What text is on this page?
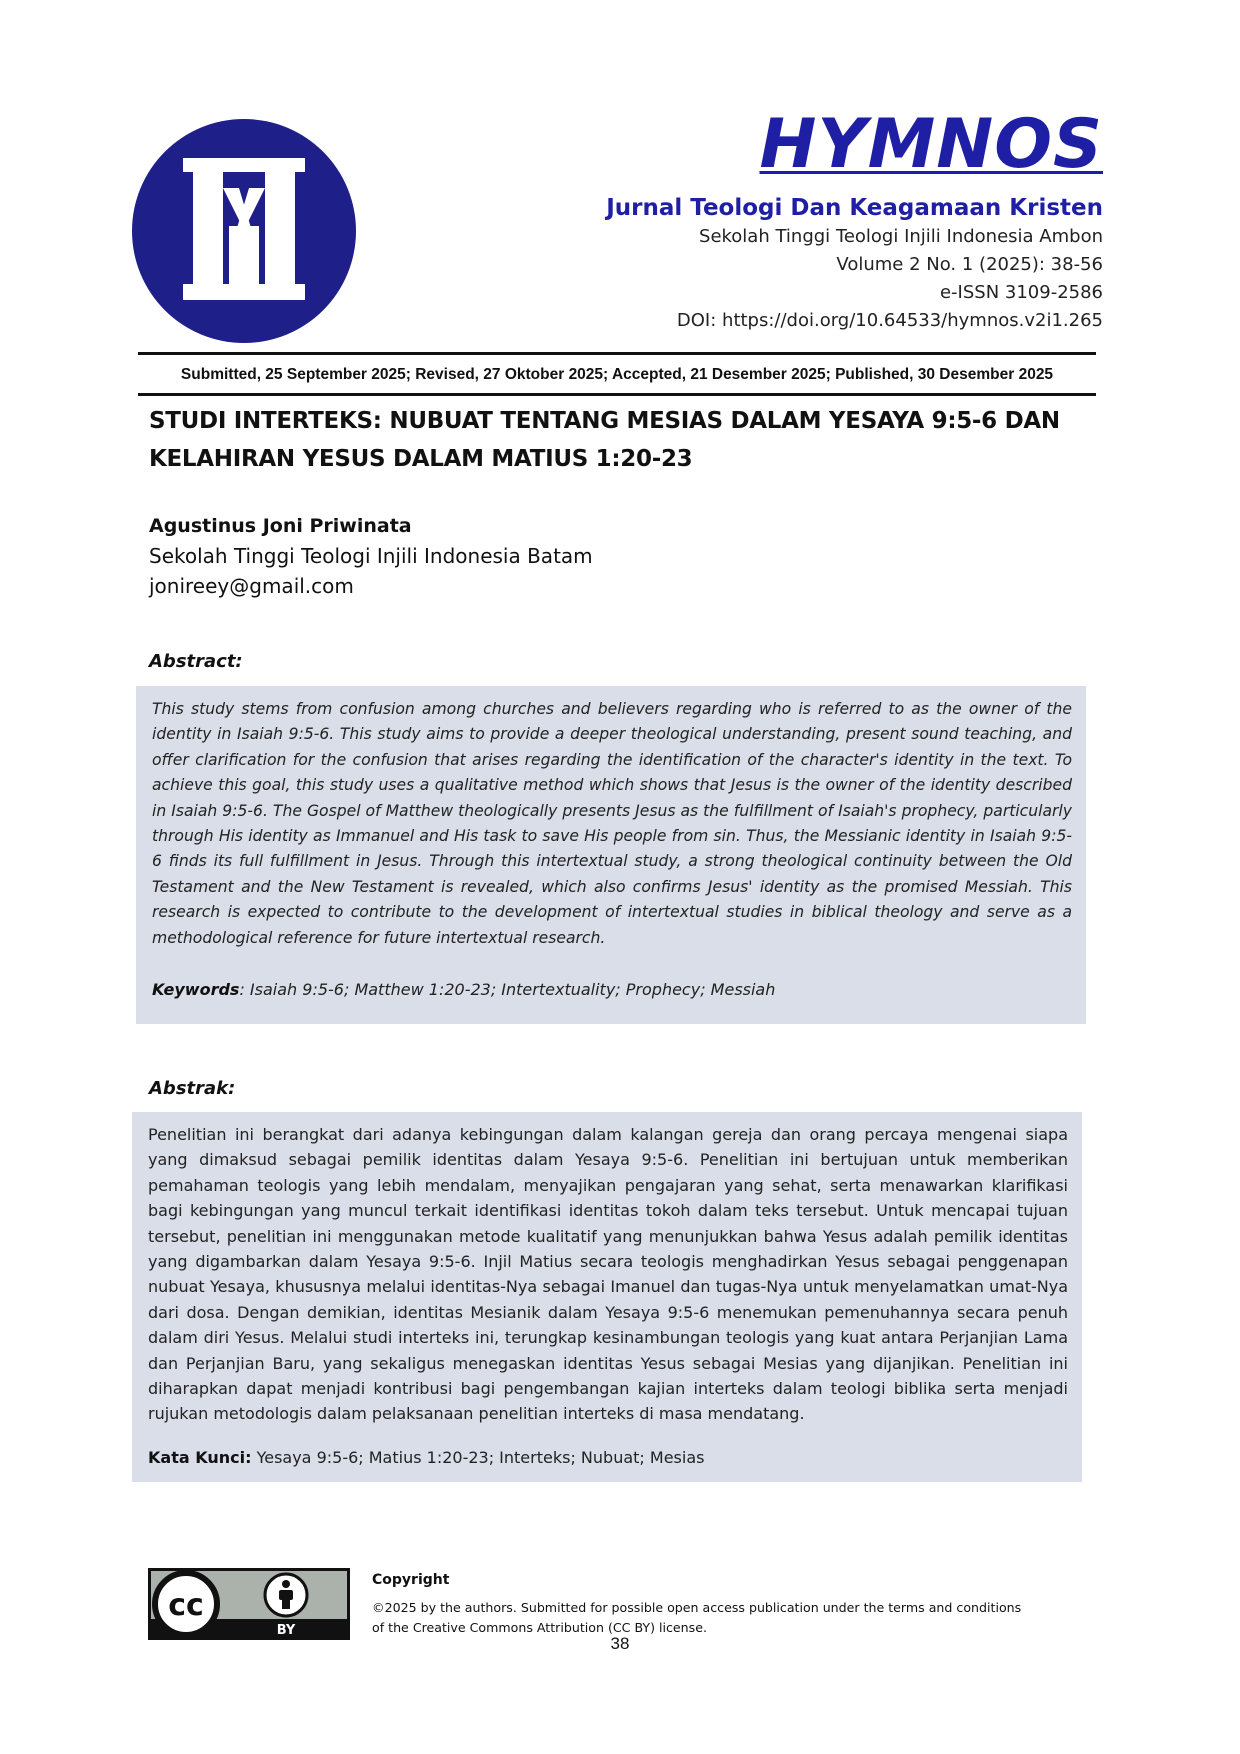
HY	HYMNOS
Jurnal Teologi Dan Keagamaan Kristen
Sekolah Tinggi Teologi Injili Indonesia Ambon
Volume 2 No. 1 (2025): 38-56
e-ISSN 3109-2586
DOI: https://doi.org/10.64533/hymnos.v2i1.265
Submitted, 25 September 2025; Revised, 27 Oktober 2025; Accepted, 21 Desember 2025; Published, 30 Desember 2025
STUDI INTERTEKS: NUBUAT TENTANG MESIAS DALAM YESAYA 9:5-6 DAN
KELAHIRAN YESUS DALAM MATIUS 1:20-23
Agustinus Joni Priwinata
Sekolah Tinggi Teologi Injili Indonesia Batam
jonireey@gmail.com
Abstract:
This study stems from confusion among churches and believers regarding who is referred to as the owner of the identity in Isaiah 9:5-6. This study aims to provide a deeper theological understanding, present sound teaching, and offer clarification for the confusion that arises regarding the identification of the character's identity in the text. To achieve this goal, this study uses a qualitative method which shows that Jesus is the owner of the identity described in Isaiah 9:5-6. The Gospel of Matthew theologically presents Jesus as the fulfillment of Isaiah's prophecy, particularly through His identity as Immanuel and His task to save His people from sin. Thus, the Messianic identity in Isaiah 9:5-6 finds its full fulfillment in Jesus. Through this intertextual study, a strong theological continuity between the Old Testament and the New Testament is revealed, which also confirms Jesus' identity as the promised Messiah. This research is expected to contribute to the development of intertextual studies in biblical theology and serve as a methodological reference for future intertextual research.
Keywords: Isaiah 9:5-6; Matthew 1:20-23; Intertextuality; Prophecy; Messiah
Abstrak:
Penelitian ini berangkat dari adanya kebingungan dalam kalangan gereja dan orang percaya mengenai siapa yang dimaksud sebagai pemilik identitas dalam Yesaya 9:5-6. Penelitian ini bertujuan untuk memberikan pemahaman teologis yang lebih mendalam, menyajikan pengajaran yang sehat, serta menawarkan klarifikasi bagi kebingungan yang muncul terkait identifikasi identitas tokoh dalam teks tersebut. Untuk mencapai tujuan tersebut, penelitian ini menggunakan metode kualitatif yang menunjukkan bahwa Yesus adalah pemilik identitas yang digambarkan dalam Yesaya 9:5-6. Injil Matius secara teologis menghadirkan Yesus sebagai penggenapan nubuat Yesaya, khususnya melalui identitas-Nya sebagai Imanuel dan tugas-Nya untuk menyelamatkan umat-Nya dari dosa. Dengan demikian, identitas Mesianik dalam Yesaya 9:5-6 menemukan pemenuhannya secara penuh dalam diri Yesus. Melalui studi interteks ini, terungkap kesinambungan teologis yang kuat antara Perjanjian Lama dan Perjanjian Baru, yang sekaligus menegaskan identitas Yesus sebagai Mesias yang dijanjikan. Penelitian ini diharapkan dapat menjadi kontribusi bagi pengembangan kajian interteks dalam teologi biblika serta menjadi rujukan metodologis dalam pelaksanaan penelitian interteks di masa mendatang.
Kata Kunci: Yesaya 9:5-6; Matius 1:20-23; Interteks; Nubuat; Mesias
cc
BY
Copyright
©2025 by the authors. Submitted for possible open access publication under the terms and conditions of the Creative Commons Attribution (CC BY) license.
38
